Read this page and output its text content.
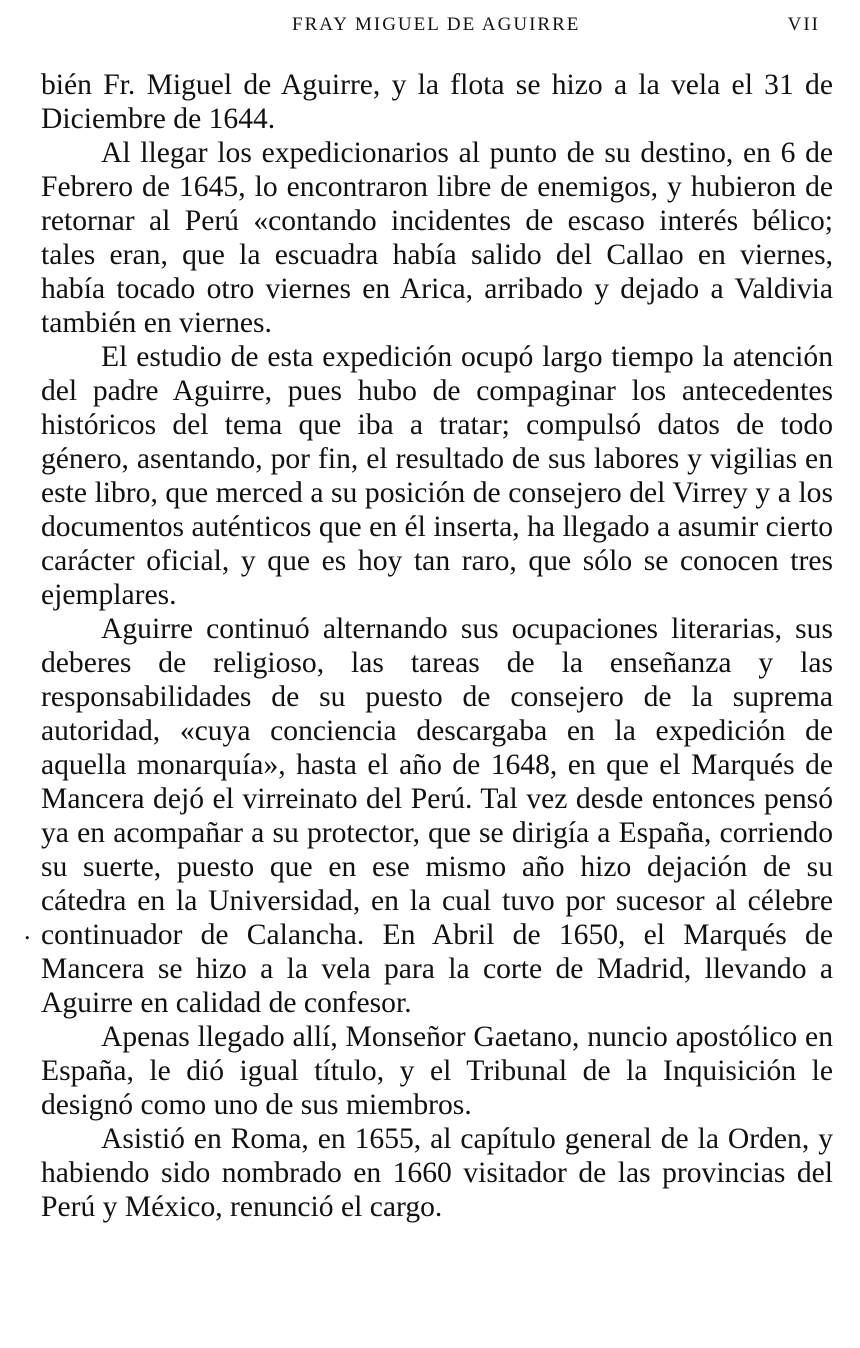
FRAY MIGUEL DE AGUIRRE	VII

bién Fr. Miguel de Aguirre, y la flota se hizo a la vela el 31 de Diciembre de 1644.

Al llegar los expedicionarios al punto de su destino, en 6 de Febrero de 1645, lo encontraron libre de enemigos, y hubieron de retornar al Perú «contando incidentes de escaso interés bélico; tales eran, que la escuadra había salido del Callao en viernes, había tocado otro viernes en Arica, arribado y dejado a Valdivia también en viernes.

El estudio de esta expedición ocupó largo tiempo la atención del padre Aguirre, pues hubo de compaginar los antecedentes históricos del tema que iba a tratar; compulsó datos de todo género, asentando, por fin, el resultado de sus labores y vigilias en este libro, que merced a su posición de consejero del Virrey y a los documentos auténticos que en él inserta, ha llegado a asumir cierto carácter oficial, y que es hoy tan raro, que sólo se conocen tres ejemplares.

Aguirre continuó alternando sus ocupaciones literarias, sus deberes de religioso, las tareas de la enseñanza y las responsabilidades de su puesto de consejero de la suprema autoridad, «cuya conciencia descargaba en la expedición de aquella monarquía», hasta el año de 1648, en que el Marqués de Mancera dejó el virreinato del Perú. Tal vez desde entonces pensó ya en acompañar a su protector, que se dirigía a España, corriendo su suerte, puesto que en ese mismo año hizo dejación de su cátedra en la Universidad, en la cual tuvo por sucesor al célebre continuador de Calancha. En Abril de 1650, el Marqués de Mancera se hizo a la vela para la corte de Madrid, llevando a Aguirre en calidad de confesor.

Apenas llegado allí, Monseñor Gaetano, nuncio apostólico en España, le dió igual título, y el Tribunal de la Inquisición le designó como uno de sus miembros.

Asistió en Roma, en 1655, al capítulo general de la Orden, y habiendo sido nombrado en 1660 visitador de las provincias del Perú y México, renunció el cargo.

.
